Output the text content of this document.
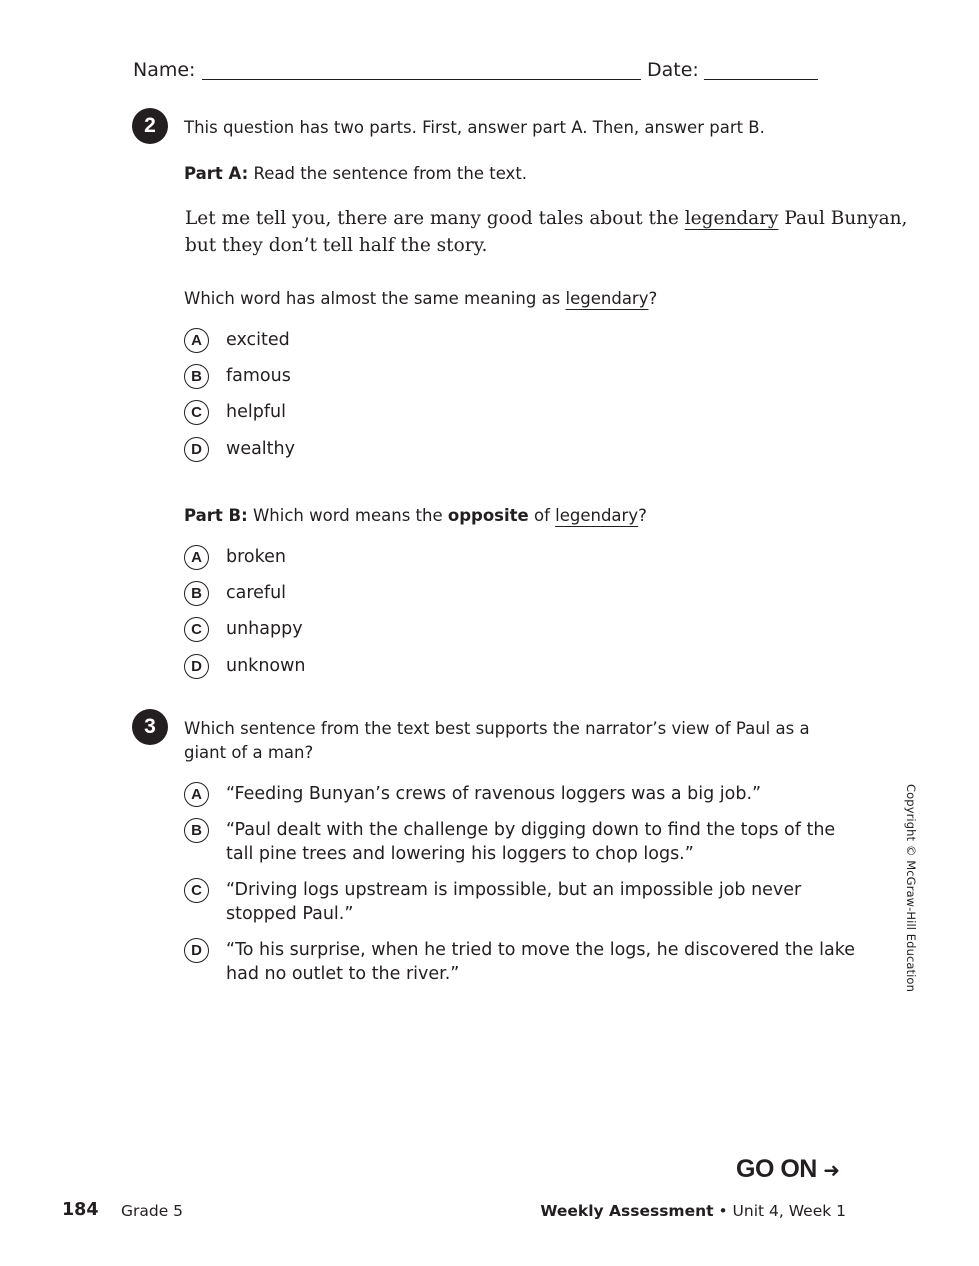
Name:	Date:
2	This question has two parts. First, answer part A. Then, answer part B.
Part A: Read the sentence from the text.
Let me tell you, there are many good tales about the legendary Paul Bunyan,
but they don’t tell half the story.
Which word has almost the same meaning as legendary?
A	excited
B	famous
C	helpful
D	wealthy
Part B: Which word means the opposite of legendary?
A	broken
B	careful
C	unhappy
D	unknown
3	Which sentence from the text best supports the narrator’s view of Paul as a
giant of a man?
A	“Feeding Bunyan’s crews of ravenous loggers was a big job.”
B	“Paul dealt with the challenge by digging down to find the tops of the
tall pine trees and lowering his loggers to chop logs.”
C	“Driving logs upstream is impossible, but an impossible job never
stopped Paul.”
D	“To his surprise, when he tried to move the logs, he discovered the lake
had no outlet to the river.”	Copyright © McGraw-Hill Education
GO ON ➜
184 Grade 5	Weekly Assessment • Unit 4, Week 1
